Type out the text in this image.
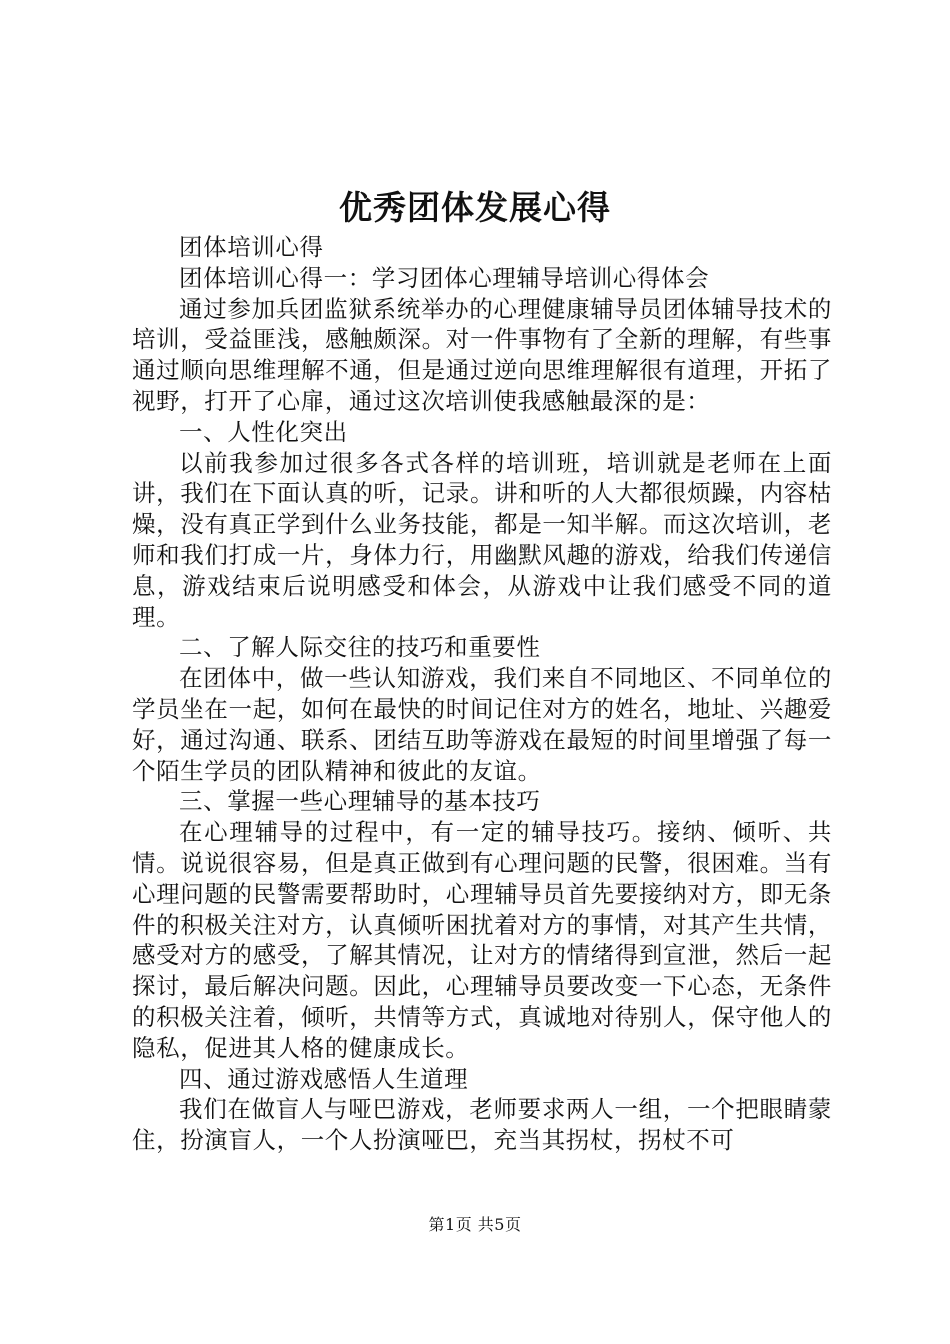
优秀团体发展心得

团体培训心得

团体培训心得一：学习团体心理辅导培训心得体会

通过参加兵团监狱系统举办的心理健康辅导员团体辅导技术的培训，受益匪浅，感触颇深。对一件事物有了全新的理解，有些事通过顺向思维理解不通，但是通过逆向思维理解很有道理，开拓了视野，打开了心扉，通过这次培训使我感触最深的是：

一、人性化突出

以前我参加过很多各式各样的培训班，培训就是老师在上面讲，我们在下面认真的听，记录。讲和听的人大都很烦躁，内容枯燥，没有真正学到什么业务技能，都是一知半解。而这次培训，老师和我们打成一片，身体力行，用幽默风趣的游戏，给我们传递信息，游戏结束后说明感受和体会，从游戏中让我们感受不同的道理。

二、了解人际交往的技巧和重要性

在团体中，做一些认知游戏，我们来自不同地区、不同单位的学员坐在一起，如何在最快的时间记住对方的姓名，地址、兴趣爱好，通过沟通、联系、团结互助等游戏在最短的时间里增强了每一个陌生学员的团队精神和彼此的友谊。

三、掌握一些心理辅导的基本技巧

在心理辅导的过程中，有一定的辅导技巧。接纳、倾听、共情。说说很容易，但是真正做到有心理问题的民警，很困难。当有心理问题的民警需要帮助时，心理辅导员首先要接纳对方，即无条件的积极关注对方，认真倾听困扰着对方的事情，对其产生共情，感受对方的感受，了解其情况，让对方的情绪得到宣泄，然后一起探讨，最后解决问题。因此，心理辅导员要改变一下心态，无条件的积极关注着，倾听，共情等方式，真诚地对待别人，保守他人的隐私，促进其人格的健康成长。

四、通过游戏感悟人生道理

我们在做盲人与哑巴游戏，老师要求两人一组，一个把眼睛蒙住，扮演盲人，一个人扮演哑巴，充当其拐杖，拐杖不可

第1页 共5页
